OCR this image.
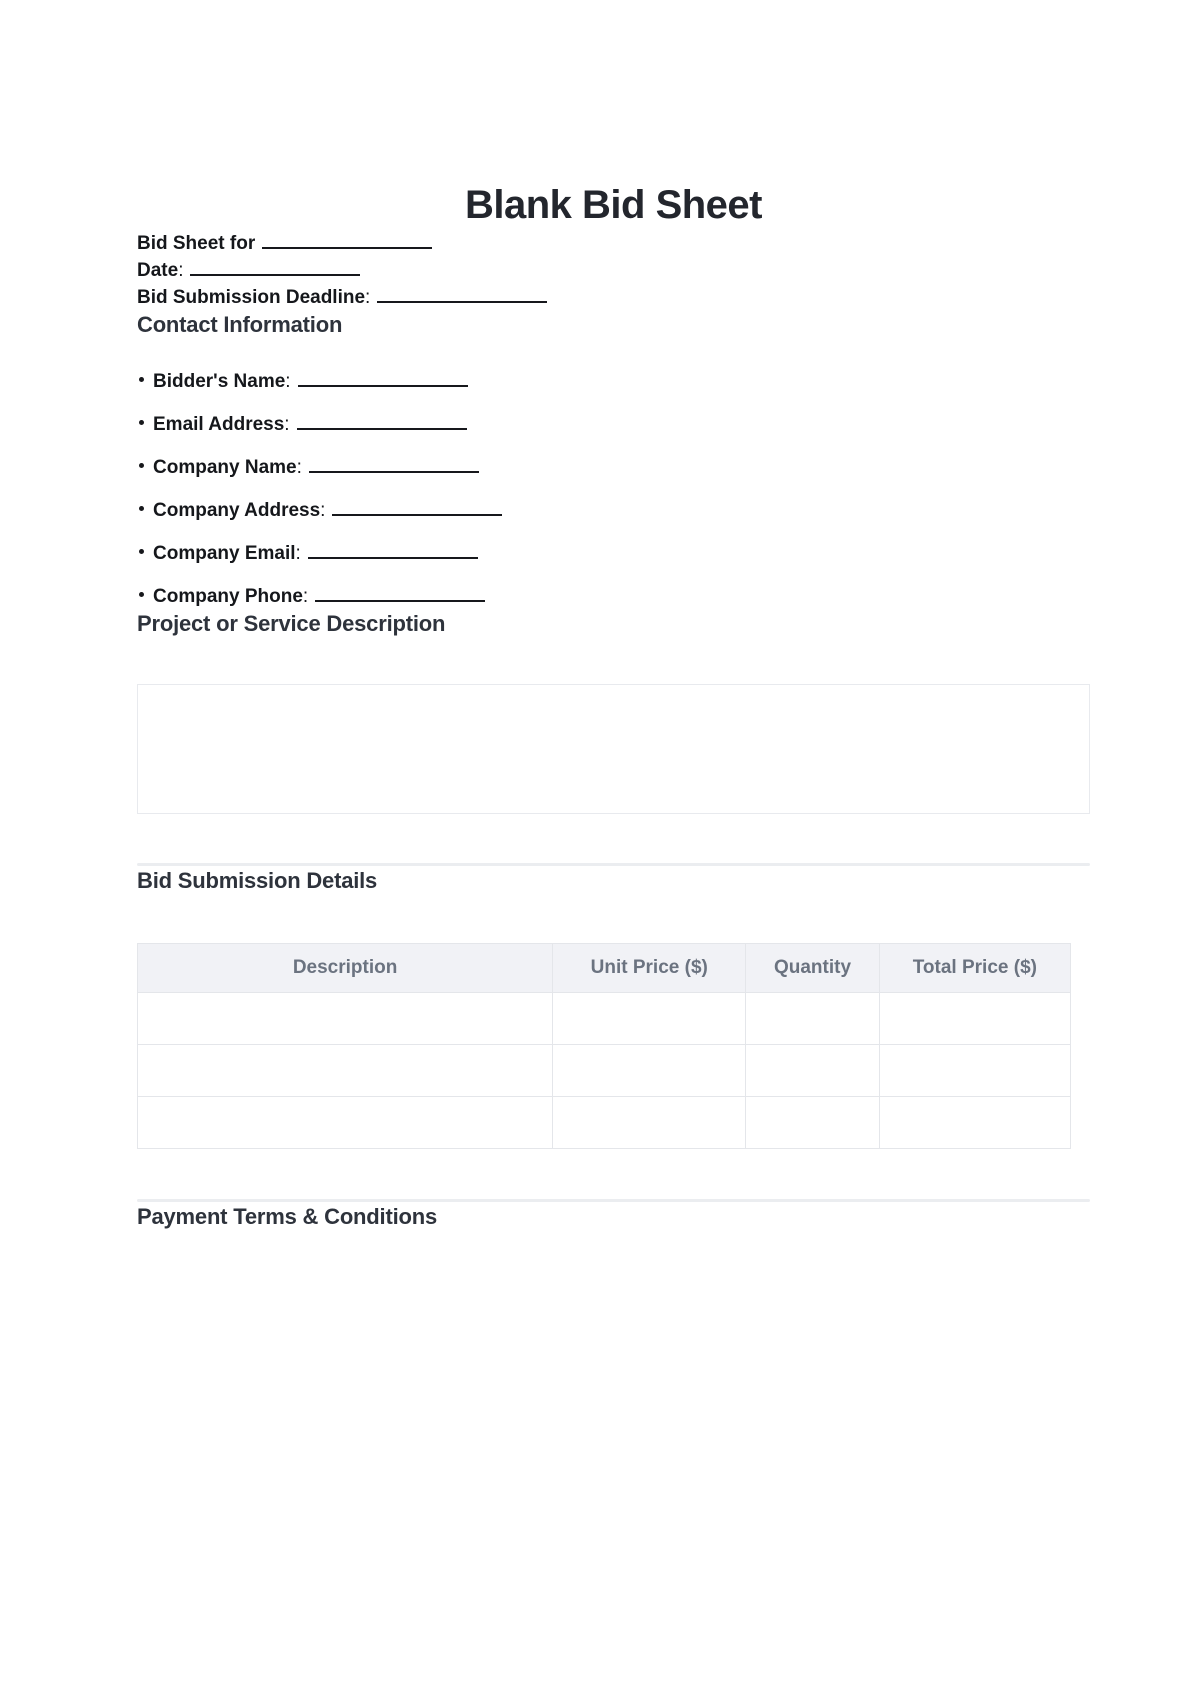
Blank Bid Sheet

Bid Sheet for

Date:

Bid Submission Deadline:

Contact Information
Bidder's Name:
Email Address:
Company Name:
Company Address:
Company Email:
Company Phone:
Project or Service Description
Bid Submission Details
Description	Unit Price ($)	Quantity	Total Price ($)

Payment Terms & Conditions
